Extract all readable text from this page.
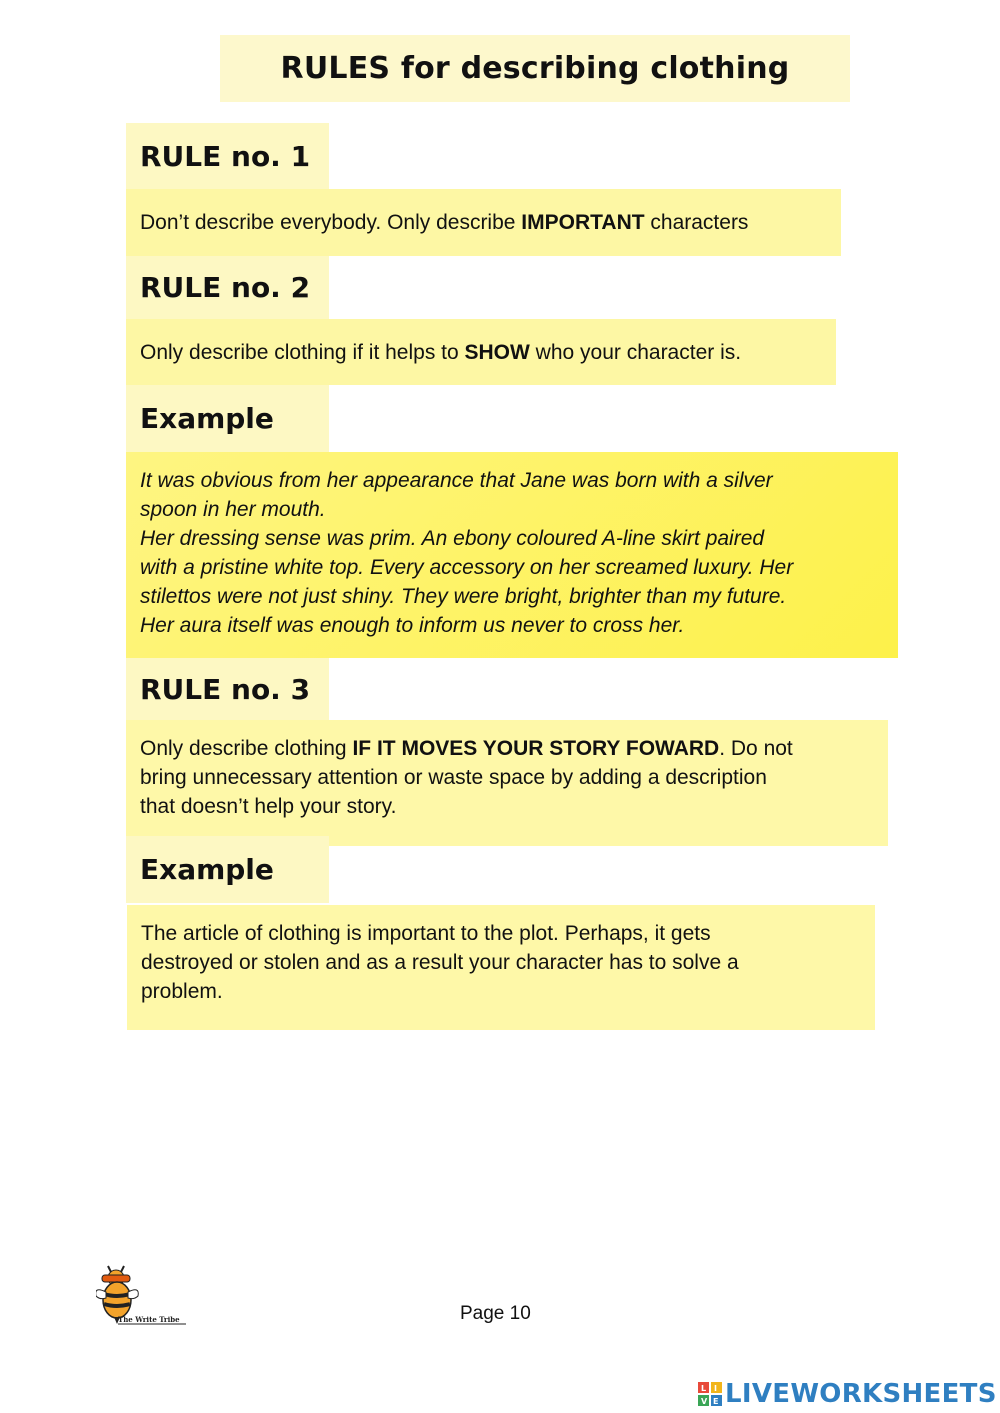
RULES for describing clothing
RULE no. 1
Don’t describe everybody. Only describe IMPORTANT characters
RULE no. 2
Only describe clothing if it helps to SHOW who your character is.
Example
It was obvious from her appearance that Jane was born with a silver
spoon in her mouth.
Her dressing sense was prim. An ebony coloured A-line skirt paired
with a pristine white top. Every accessory on her screamed luxury. Her
stilettos were not just shiny. They were bright, brighter than my future.
Her aura itself was enough to inform us never to cross her.
RULE no. 3
Only describe clothing IF IT MOVES YOUR STORY FOWARD. Do not
bring unnecessary attention or waste space by adding a description
that doesn’t help your story.
Example
The article of clothing is important to the plot. Perhaps, it gets
destroyed or stolen and as a result your character has to solve a
problem.
The Write Tribe	Page 10
L I
V E LIVEWORKSHEETS
